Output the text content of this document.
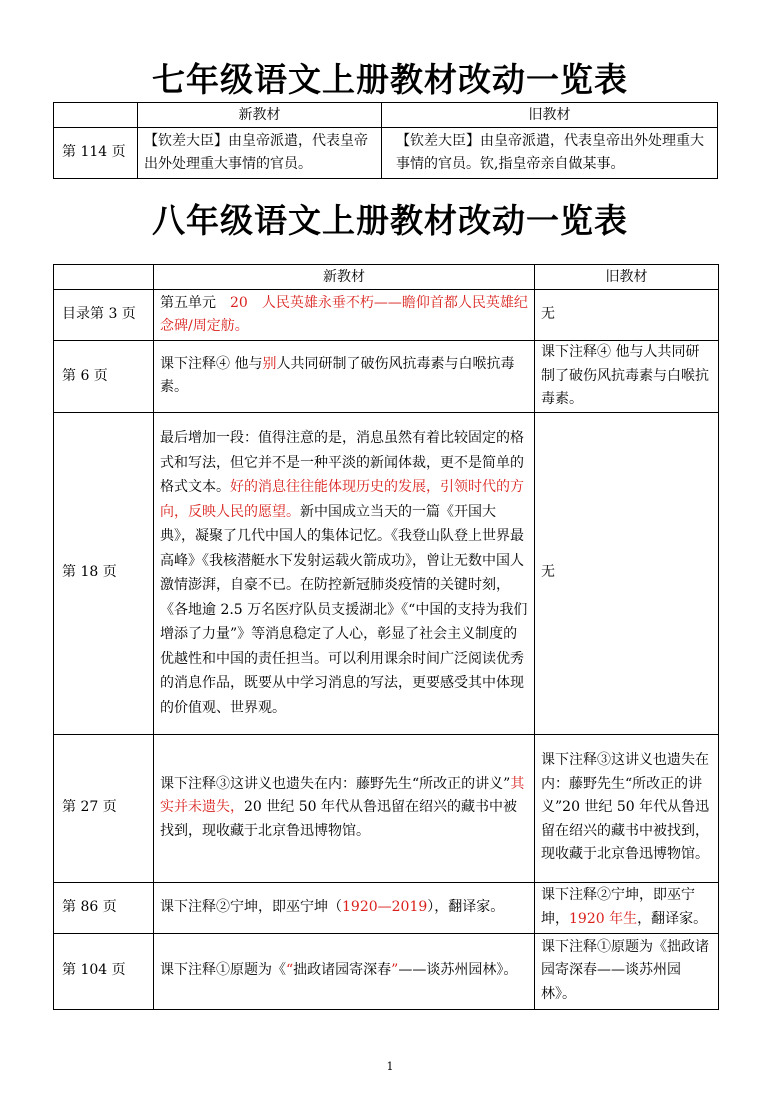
七年级语文上册教材改动一览表
	新教材	旧教材
第 114 页	【钦差大臣】由皇帝派遣，代表皇帝出外处理重大事情的官员。	【钦差大臣】由皇帝派遣，代表皇帝出外处理重大事情的官员。钦,指皇帝亲自做某事。
八年级语文上册教材改动一览表
	新教材	旧教材
目录第 3 页	第五单元　 20　人民英雄永垂不朽——瞻仰首都人民英雄纪念碑/周定舫。	无
第 6 页	课下注释④ 他与别人共同研制了破伤风抗毒素与白喉抗毒素。	课下注释④ 他与人共同研制了破伤风抗毒素与白喉抗毒素。
第 18 页	最后增加一段：值得注意的是，消息虽然有着比较固定的格式和写法，但它并不是一种平淡的新闻体裁，更不是简单的格式文本。好的消息往往能体现历史的发展，引领时代的方向，反映人民的愿望。新中国成立当天的一篇《开国大典》，凝聚了几代中国人的集体记忆。《我登山队登上世界最高峰》《我核潜艇水下发射运载火箭成功》，曾让无数中国人激情澎湃，自豪不已。在防控新冠肺炎疫情的关键时刻，《各地逾 2.5 万名医疗队员支援湖北》《“中国的支持为我们增添了力量”》等消息稳定了人心，彰显了社会主义制度的优越性和中国的责任担当。可以利用课余时间广泛阅读优秀的消息作品，既要从中学习消息的写法，更要感受其中体现的价值观、世界观。	无
第 27 页	课下注释③这讲义也遗失在内：藤野先生“所改正的讲义”其实并未遗失，20 世纪 50 年代从鲁迅留在绍兴的藏书中被找到，现收藏于北京鲁迅博物馆。	课下注释③这讲义也遗失在内：藤野先生“所改正的讲义”20 世纪 50 年代从鲁迅留在绍兴的藏书中被找到，现收藏于北京鲁迅博物馆。
第 86 页	课下注释②宁坤，即巫宁坤（1920—2019），翻译家。	课下注释②宁坤，即巫宁坤，1920 年生，翻译家。
第 104 页	课下注释①原题为《“拙政诸园寄深春”——谈苏州园林》。	课下注释①原题为《拙政诸园寄深春——谈苏州园林》。
1
